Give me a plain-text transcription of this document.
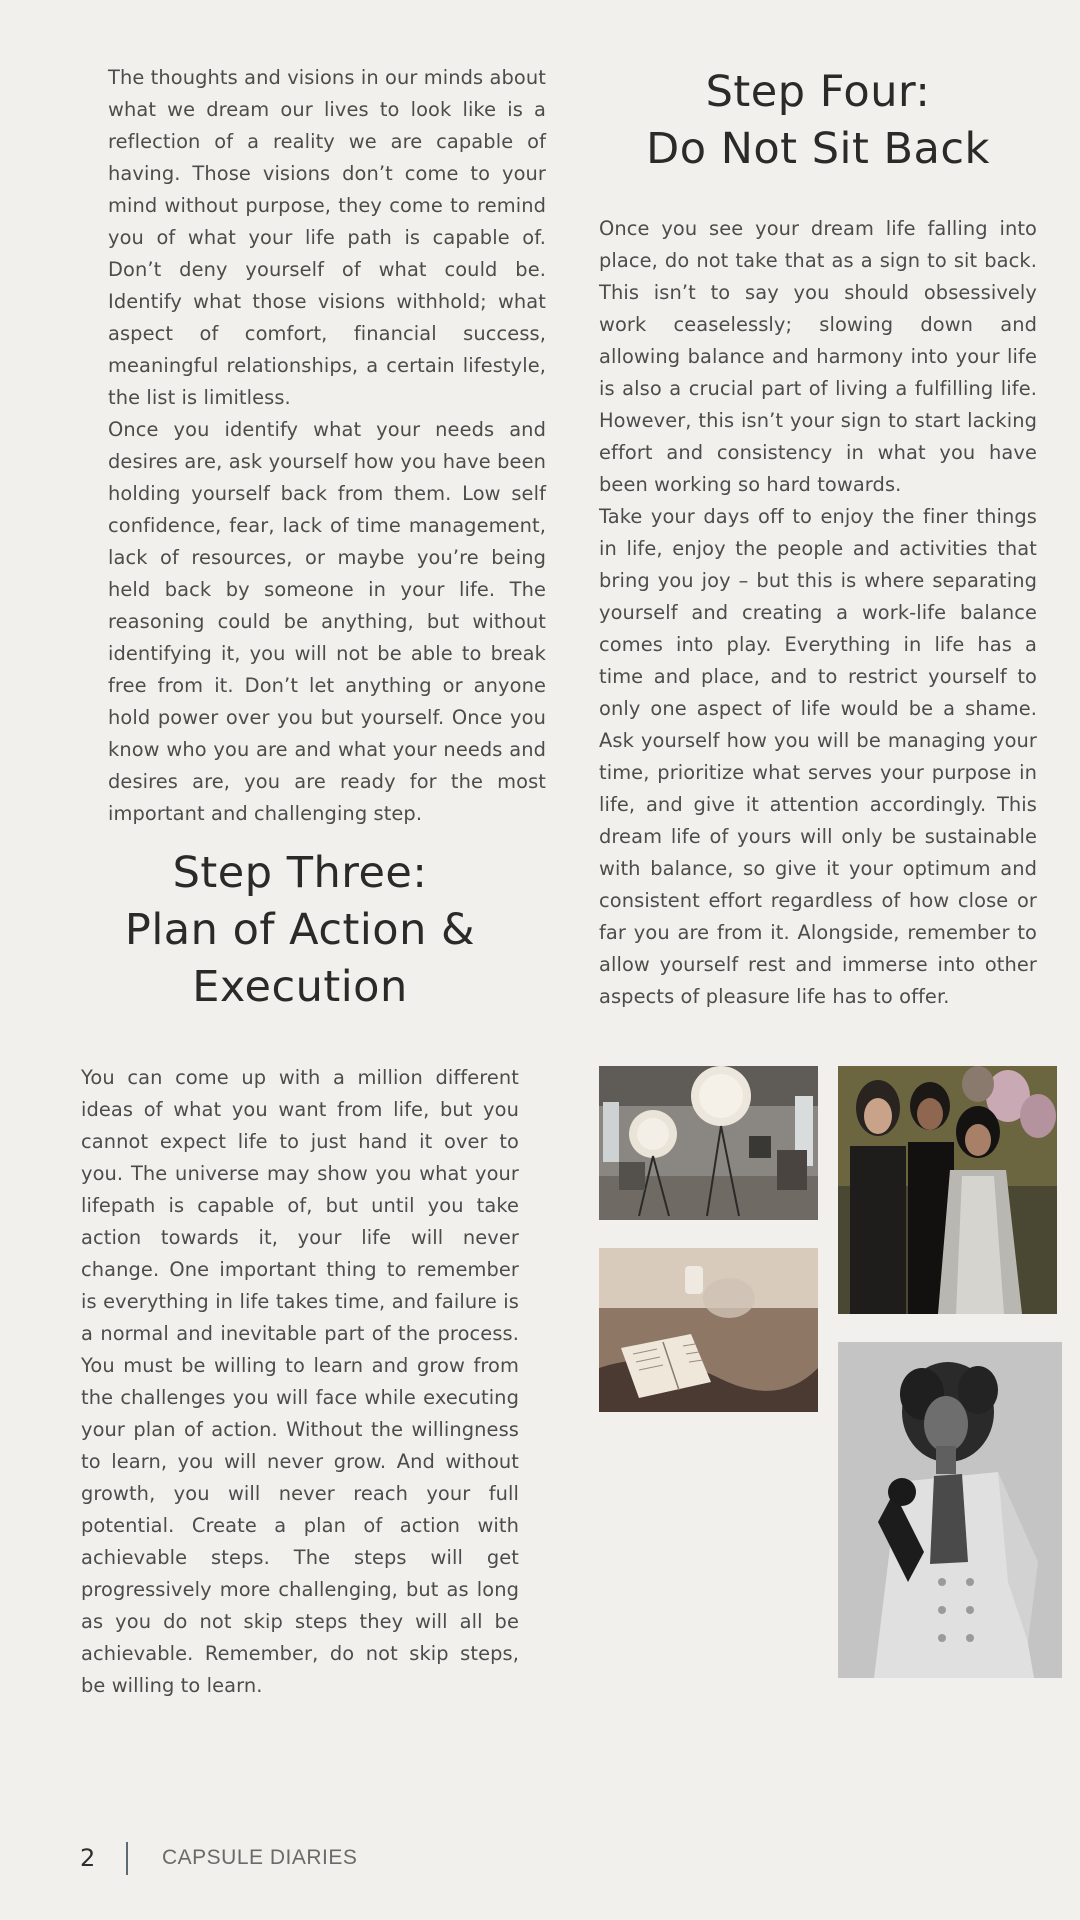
The thoughts and visions in our minds about what we dream our lives to look like is a reflection of a reality we are capable of having. Those visions don’t come to your mind without purpose, they come to remind you of what your life path is capable of. Don’t deny yourself of what could be. Identify what those visions withhold; what aspect of comfort, financial success, meaningful relationships, a certain lifestyle, the list is limitless.

Once you identify what your needs and desires are, ask yourself how you have been holding yourself back from them. Low self confidence, fear, lack of time management, lack of resources, or maybe you’re being held back by someone in your life. The reasoning could be anything, but without identifying it, you will not be able to break free from it. Don’t let anything or anyone hold power over you but yourself. Once you know who you are and what your needs and desires are, you are ready for the most important and challenging step.

Step Three:
Plan of Action &
Execution

You can come up with a million different ideas of what you want from life, but you cannot expect life to just hand it over to you. The universe may show you what your lifepath is capable of, but until you take action towards it, your life will never change. One important thing to remember is everything in life takes time, and failure is a normal and inevitable part of the process. You must be willing to learn and grow from the challenges you will face while executing your plan of action. Without the willingness to learn, you will never grow. And without growth, you will never reach your full potential. Create a plan of action with achievable steps. The steps will get progressively more challenging, but as long as you do not skip steps they will all be achievable. Remember, do not skip steps, be willing to learn.

Step Four:
Do Not Sit Back

Once you see your dream life falling into place, do not take that as a sign to sit back. This isn’t to say you should obsessively work ceaselessly; slowing down and allowing balance and harmony into your life is also a crucial part of living a fulfilling life. However, this isn’t your sign to start lacking effort and consistency in what you have been working so hard towards.

Take your days off to enjoy the finer things in life, enjoy the people and activities that bring you joy – but this is where separating yourself and creating a work-life balance comes into play. Everything in life has a time and place, and to restrict yourself to only one aspect of life would be a shame. Ask yourself how you will be managing your time, prioritize what serves your purpose in life, and give it attention accordingly. This dream life of yours will only be sustainable with balance, so give it your optimum and consistent effort regardless of how close or far you are from it. Alongside, remember to allow yourself rest and immerse into other aspects of pleasure life has to offer.

2	CAPSULE DIARIES
